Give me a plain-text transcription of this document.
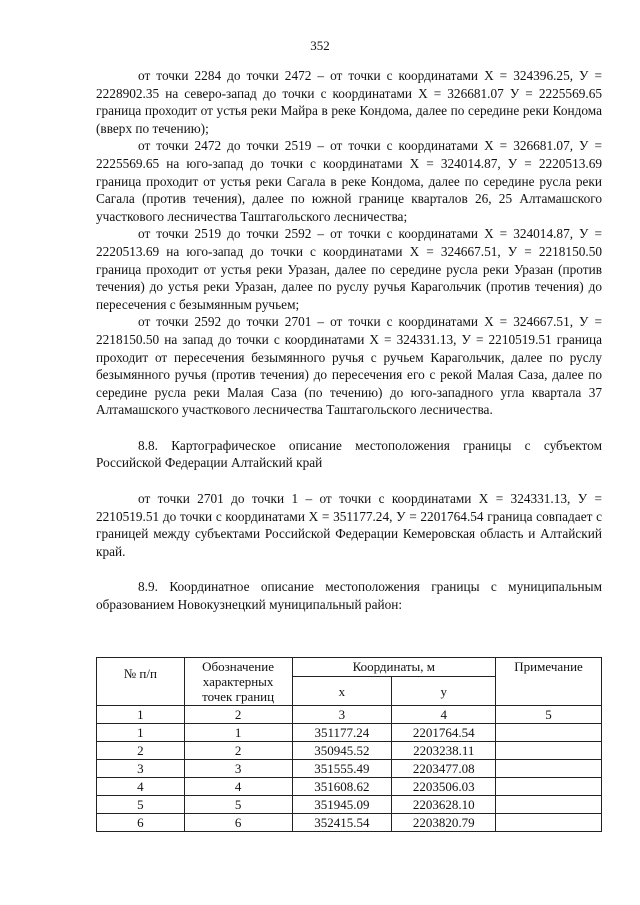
352

от точки 2284 до точки 2472 – от точки с координатами Х = 324396.25, У = 2228902.35 на северо-запад до точки с координатами Х = 326681.07 У = 2225569.65 граница проходит от устья реки Майра в реке Кондома, далее по середине реки Кондома (вверх по течению);

от точки 2472 до точки 2519 – от точки с координатами Х = 326681.07, У = 2225569.65 на юго-запад до точки с координатами Х = 324014.87, У = 2220513.69 граница проходит от устья реки Сагала в реке Кондома, далее по середине русла реки Сагала (против течения), далее по южной границе кварталов 26, 25 Алтамашского участкового лесничества Таштагольского лесничества;

от точки 2519 до точки 2592 – от точки с координатами Х = 324014.87, У = 2220513.69 на юго-запад до точки с координатами Х = 324667.51, У = 2218150.50 граница проходит от устья реки Уразан, далее по середине русла реки Уразан (против течения) до устья реки Уразан, далее по руслу ручья Карагольчик (против течения) до пересечения с безымянным ручьем;

от точки 2592 до точки 2701 – от точки с координатами Х = 324667.51, У = 2218150.50 на запад до точки с координатами Х = 324331.13, У = 2210519.51 граница проходит от пересечения безымянного ручья с ручьем Карагольчик, далее по руслу безымянного ручья (против течения) до пересечения его с рекой Малая Саза, далее по середине русла реки Малая Саза (по течению) до юго-западного угла квартала 37 Алтамашского участкового лесничества Таштагольского лесничества.

8.8. Картографическое описание местоположения границы с субъектом Российской Федерации Алтайский край

от точки 2701 до точки 1 – от точки с координатами Х = 324331.13, У = 2210519.51 до точки с координатами Х = 351177.24, У = 2201764.54 граница совпадает с границей между субъектами Российской Федерации Кемеровская область и Алтайский край.

8.9. Координатное описание местоположения границы с муниципальным образованием Новокузнецкий муниципальный район:

№ п/п	Обозначение характерных точек границ	Координаты, м		Примечание
		x	y	
1	2	3	4	5
1	1	351177.24	2201764.54	
2	2	350945.52	2203238.11	
3	3	351555.49	2203477.08	
4	4	351608.62	2203506.03	
5	5	351945.09	2203628.10	
6	6	352415.54	2203820.79	
